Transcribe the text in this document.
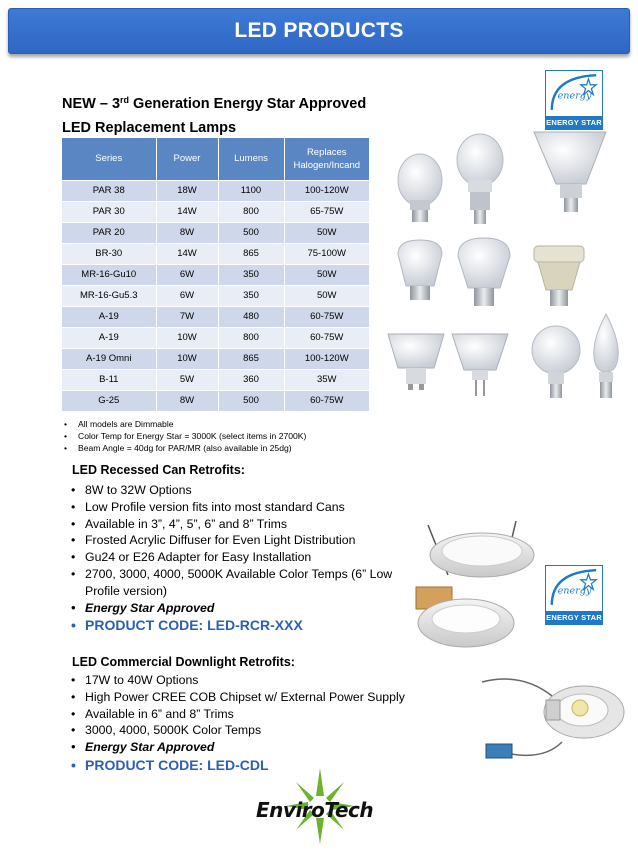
LED PRODUCTS
NEW – 3rd Generation Energy Star Approved
LED Replacement Lamps
energy
ENERGY STAR
energy
ENERGY STAR
Series	Power	Lumens	Replaces Halogen/Incand
PAR 38	18W	1100	100-120W
PAR 30	14W	800	65-75W
PAR 20	8W	500	50W
BR-30	14W	865	75-100W
MR-16-Gu10	6W	350	50W
MR-16-Gu5.3	6W	350	50W
A-19	7W	480	60-75W
A-19	10W	800	60-75W
A-19 Omni	10W	865	100-120W
B-11	5W	360	35W
G-25	8W	500	60-75W
• All models are Dimmable
• Color Temp for Energy Star = 3000K (select items in 2700K)
• Beam Angle = 40dg for PAR/MR (also available in 25dg)
LED Recessed Can Retrofits:
• 8W to 32W Options
• Low Profile version fits into most standard Cans
• Available in 3”, 4”, 5”, 6” and 8” Trims
• Frosted Acrylic Diffuser for Even Light Distribution
• Gu24 or E26 Adapter for Easy Installation
• 2700, 3000, 4000, 5000K Available Color Temps (6” Low Profile version)
• Energy Star Approved
• PRODUCT CODE: LED-RCR-XXX
LED Commercial Downlight Retrofits:
• 17W to 40W Options
• High Power CREE COB Chipset w/ External Power Supply
• Available in 6” and 8” Trims
• 3000, 4000, 5000K Color Temps
• Energy Star Approved
• PRODUCT CODE: LED-CDL
EnviroTech
